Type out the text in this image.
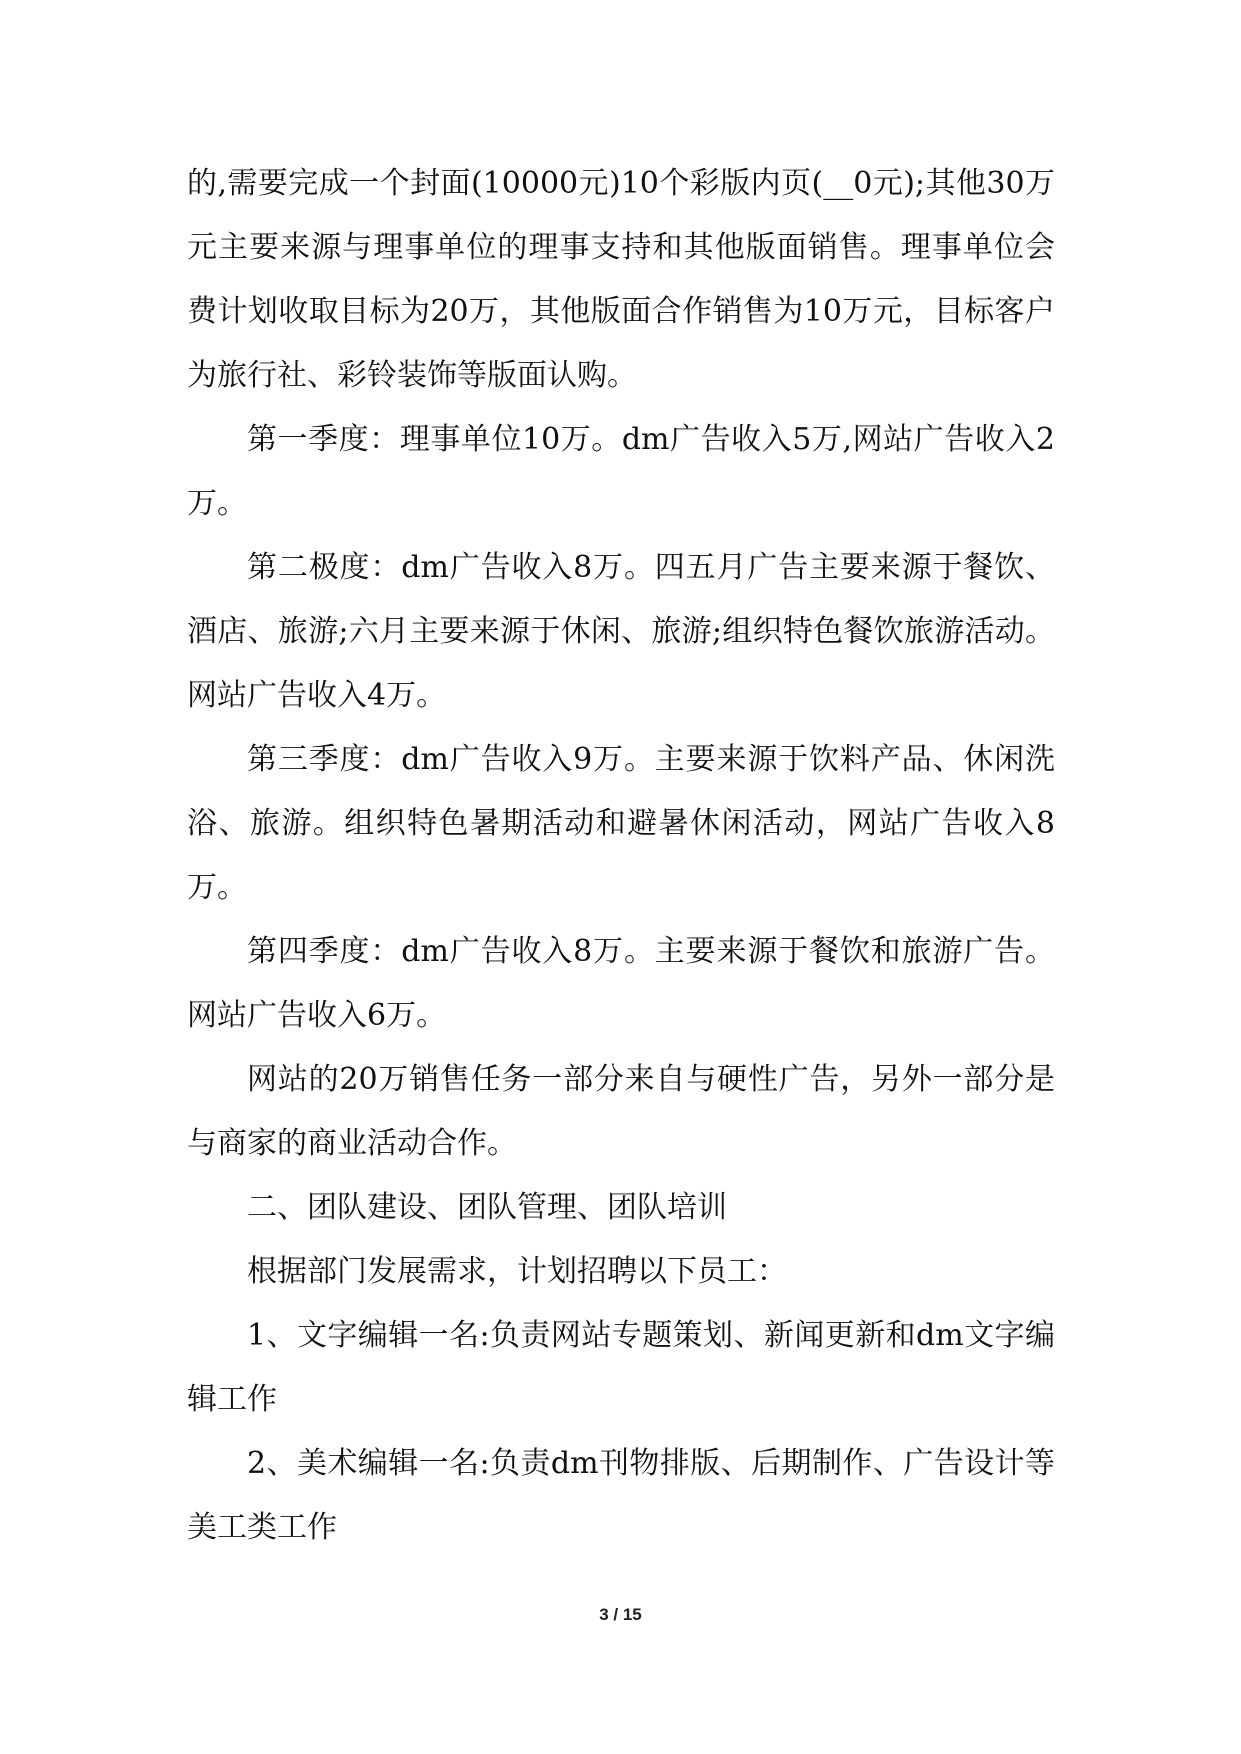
的,需要完成一个封面(10000元)10个彩版内页(__0元);其他30万元主要来源与理事单位的理事支持和其他版面销售。理事单位会费计划收取目标为20万，其他版面合作销售为10万元，目标客户为旅行社、彩铃装饰等版面认购。

第一季度：理事单位10万。dm广告收入5万,网站广告收入2万。

第二极度：dm广告收入8万。四五月广告主要来源于餐饮、酒店、旅游;六月主要来源于休闲、旅游;组织特色餐饮旅游活动。网站广告收入4万。

第三季度：dm广告收入9万。主要来源于饮料产品、休闲洗浴、旅游。组织特色暑期活动和避暑休闲活动，网站广告收入8万。

第四季度：dm广告收入8万。主要来源于餐饮和旅游广告。网站广告收入6万。

网站的20万销售任务一部分来自与硬性广告，另外一部分是与商家的商业活动合作。

二、团队建设、团队管理、团队培训

根据部门发展需求，计划招聘以下员工：

1、文字编辑一名:负责网站专题策划、新闻更新和dm文字编辑工作

2、美术编辑一名:负责dm刊物排版、后期制作、广告设计等美工类工作

3 / 15
